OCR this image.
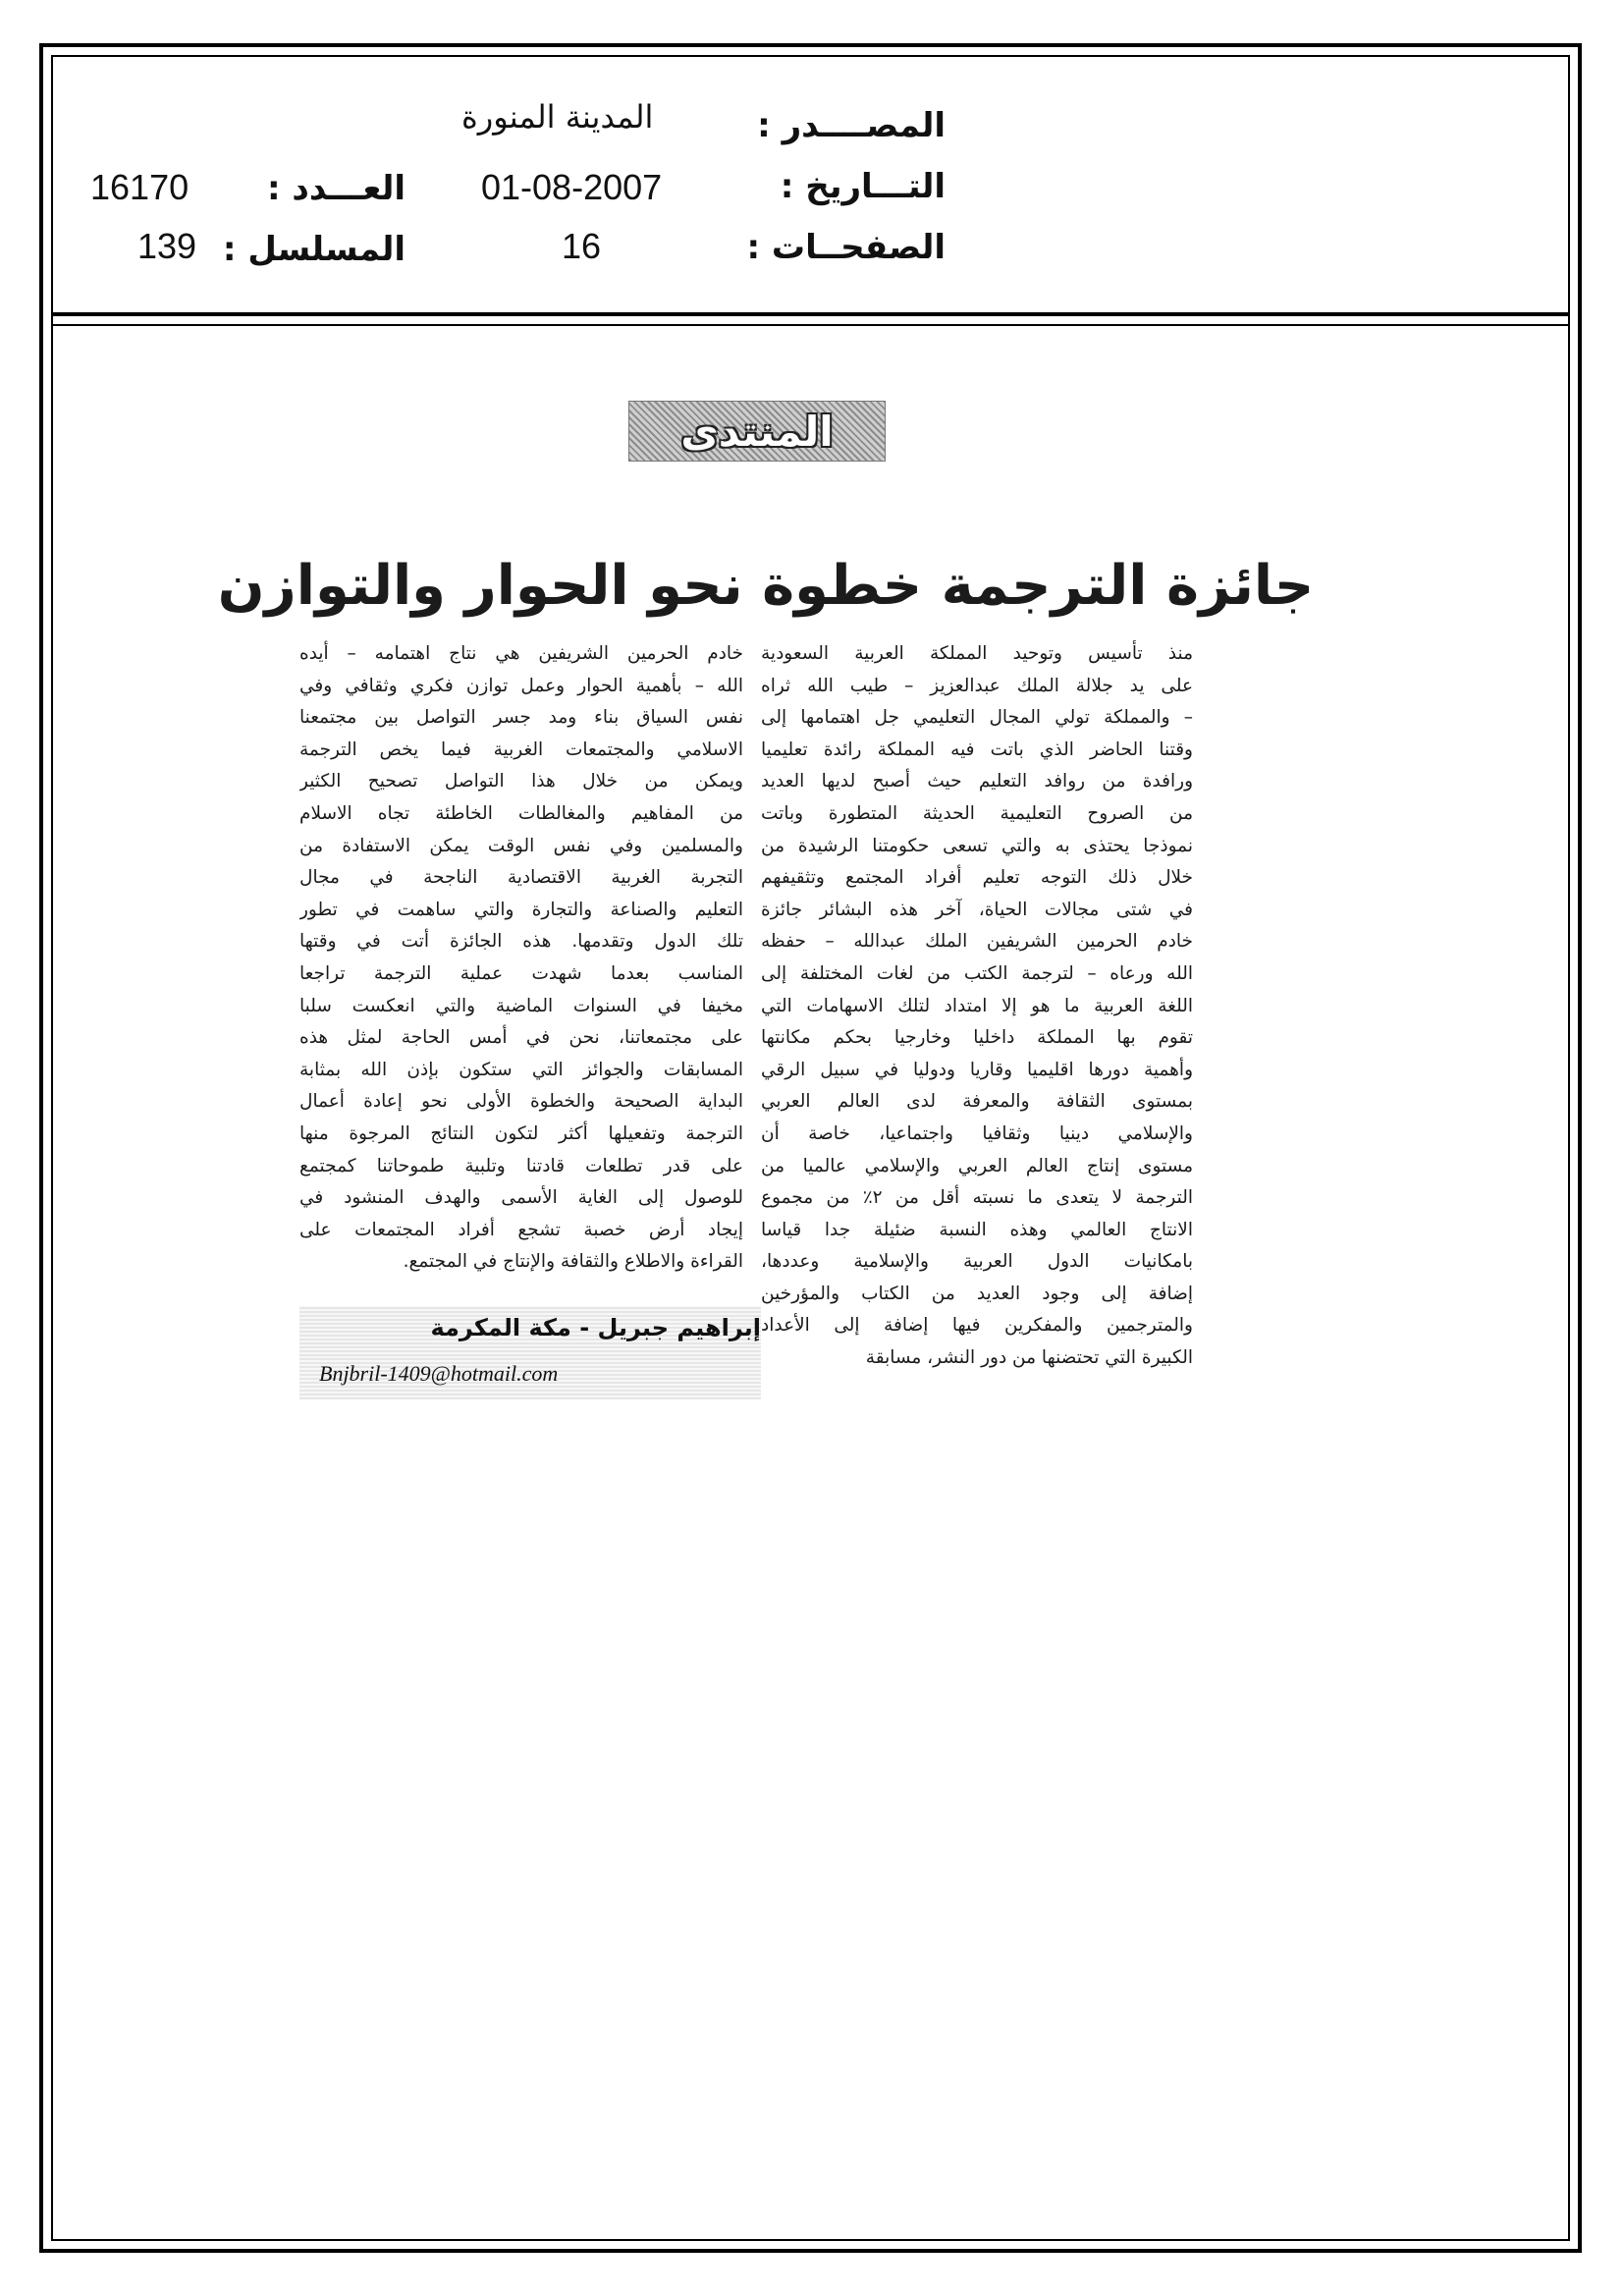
المصــــدر :
المدينة المنورة
التـــاريخ :
01-08-2007
العـــدد :
16170
الصفحــات :
16
المسلسل :
139
المنتدى
جائزة الترجمة خطوة نحو الحوار والتوازن
منذ تأسيس وتوحيد المملكة العربية السعودية
على يد جلالة الملك عبدالعزيز – طيب الله ثراه
– والمملكة تولي المجال التعليمي جل اهتمامها إلى
وقتنا الحاضر الذي باتت فيه المملكة رائدة تعليميا
ورافدة من روافد التعليم حيث أصبح لديها العديد
من الصروح التعليمية الحديثة المتطورة وباتت
نموذجا يحتذى به والتي تسعى حكومتنا الرشيدة من
خلال ذلك التوجه تعليم أفراد المجتمع وتثقيفهم
في شتى مجالات الحياة، آخر هذه البشائر جائزة
خادم الحرمين الشريفين الملك عبدالله – حفظه
الله ورعاه – لترجمة الكتب من لغات المختلفة إلى
اللغة العربية ما هو إلا امتداد لتلك الاسهامات التي
تقوم بها المملكة داخليا وخارجيا بحكم مكانتها
وأهمية دورها اقليميا وقاريا ودوليا في سبيل الرقي
بمستوى الثقافة والمعرفة لدى العالم العربي
والإسلامي دينيا وثقافيا واجتماعيا، خاصة أن
مستوى إنتاج العالم العربي والإسلامي عالميا من
الترجمة لا يتعدى ما نسبته أقل من ٢٪ من مجموع
الانتاج العالمي وهذه النسبة ضئيلة جدا قياسا
بامكانيات الدول العربية والإسلامية وعددها،
إضافة إلى وجود العديد من الكتاب والمؤرخين
والمترجمين والمفكرين فيها إضافة إلى الأعداد
الكبيرة التي تحتضنها من دور النشر، مسابقة
خادم الحرمين الشريفين هي نتاج اهتمامه – أيده
الله – بأهمية الحوار وعمل توازن فكري وثقافي وفي
نفس السياق بناء ومد جسر التواصل بين مجتمعنا
الاسلامي والمجتمعات الغربية فيما يخص الترجمة
ويمكن من خلال هذا التواصل تصحيح الكثير
من المفاهيم والمغالطات الخاطئة تجاه الاسلام
والمسلمين وفي نفس الوقت يمكن الاستفادة من
التجربة الغربية الاقتصادية الناجحة في مجال
التعليم والصناعة والتجارة والتي ساهمت في تطور
تلك الدول وتقدمها. هذه الجائزة أتت في وقتها
المناسب بعدما شهدت عملية الترجمة تراجعا
مخيفا في السنوات الماضية والتي انعكست سلبا
على مجتمعاتنا، نحن في أمس الحاجة لمثل هذه
المسابقات والجوائز التي ستكون بإذن الله بمثابة
البداية الصحيحة والخطوة الأولى نحو إعادة أعمال
الترجمة وتفعيلها أكثر لتكون النتائج المرجوة منها
على قدر تطلعات قادتنا وتلبية طموحاتنا كمجتمع
للوصول إلى الغاية الأسمى والهدف المنشود في
إيجاد أرض خصبة تشجع أفراد المجتمعات على
القراءة والاطلاع والثقافة والإنتاج في المجتمع.
إبراهيم جبريل - مكة المكرمة
Bnjbril-1409@hotmail.com
